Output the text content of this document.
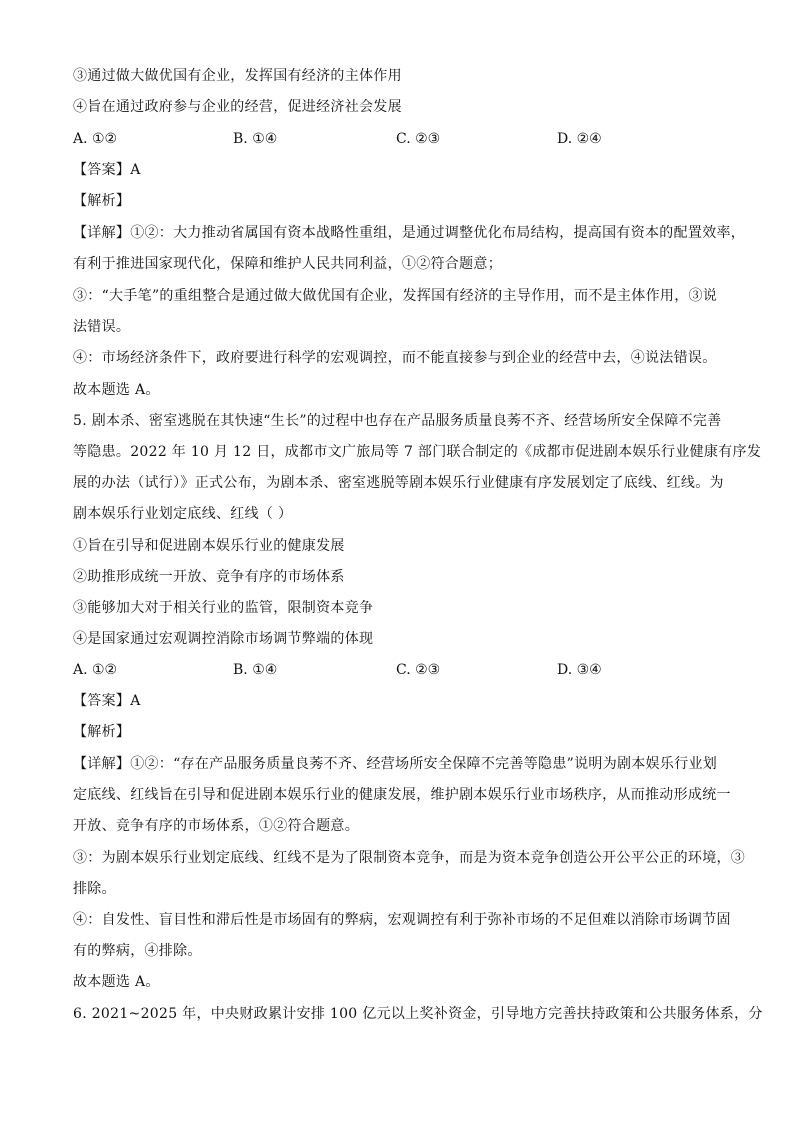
③通过做大做优国有企业，发挥国有经济的主体作用
④旨在通过政府参与企业的经营，促进经济社会发展
A. ①②	B. ①④	C. ②③	D. ②④
【答案】A
【解析】
【详解】①②：大力推动省属国有资本战略性重组，是通过调整优化布局结构，提高国有资本的配置效率，
有利于推进国家现代化，保障和维护人民共同利益，①②符合题意；
③：“大手笔”的重组整合是通过做大做优国有企业，发挥国有经济的主导作用，而不是主体作用，③说
法错误。
④：市场经济条件下，政府要进行科学的宏观调控，而不能直接参与到企业的经营中去，④说法错误。
故本题选 A。
5. 剧本杀、密室逃脱在其快速“生长”的过程中也存在产品服务质量良莠不齐、经营场所安全保障不完善
等隐患。2022 年 10 月 12 日，成都市文广旅局等 7 部门联合制定的《成都市促进剧本娱乐行业健康有序发
展的办法（试行）》正式公布，为剧本杀、密室逃脱等剧本娱乐行业健康有序发展划定了底线、红线。为
剧本娱乐行业划定底线、红线（ ）
①旨在引导和促进剧本娱乐行业的健康发展
②助推形成统一开放、竞争有序的市场体系
③能够加大对于相关行业的监管，限制资本竞争
④是国家通过宏观调控消除市场调节弊端的体现
A. ①②	B. ①④	C. ②③	D. ③④
【答案】A
【解析】
【详解】①②：“存在产品服务质量良莠不齐、经营场所安全保障不完善等隐患”说明为剧本娱乐行业划
定底线、红线旨在引导和促进剧本娱乐行业的健康发展，维护剧本娱乐行业市场秩序，从而推动形成统一
开放、竞争有序的市场体系，①②符合题意。
③：为剧本娱乐行业划定底线、红线不是为了限制资本竞争，而是为资本竞争创造公开公平公正的环境，③
排除。
④：自发性、盲目性和滞后性是市场固有的弊病，宏观调控有利于弥补市场的不足但难以消除市场调节固
有的弊病，④排除。
故本题选 A。
6. 2021~2025 年，中央财政累计安排 100 亿元以上奖补资金，引导地方完善扶持政策和公共服务体系，分
